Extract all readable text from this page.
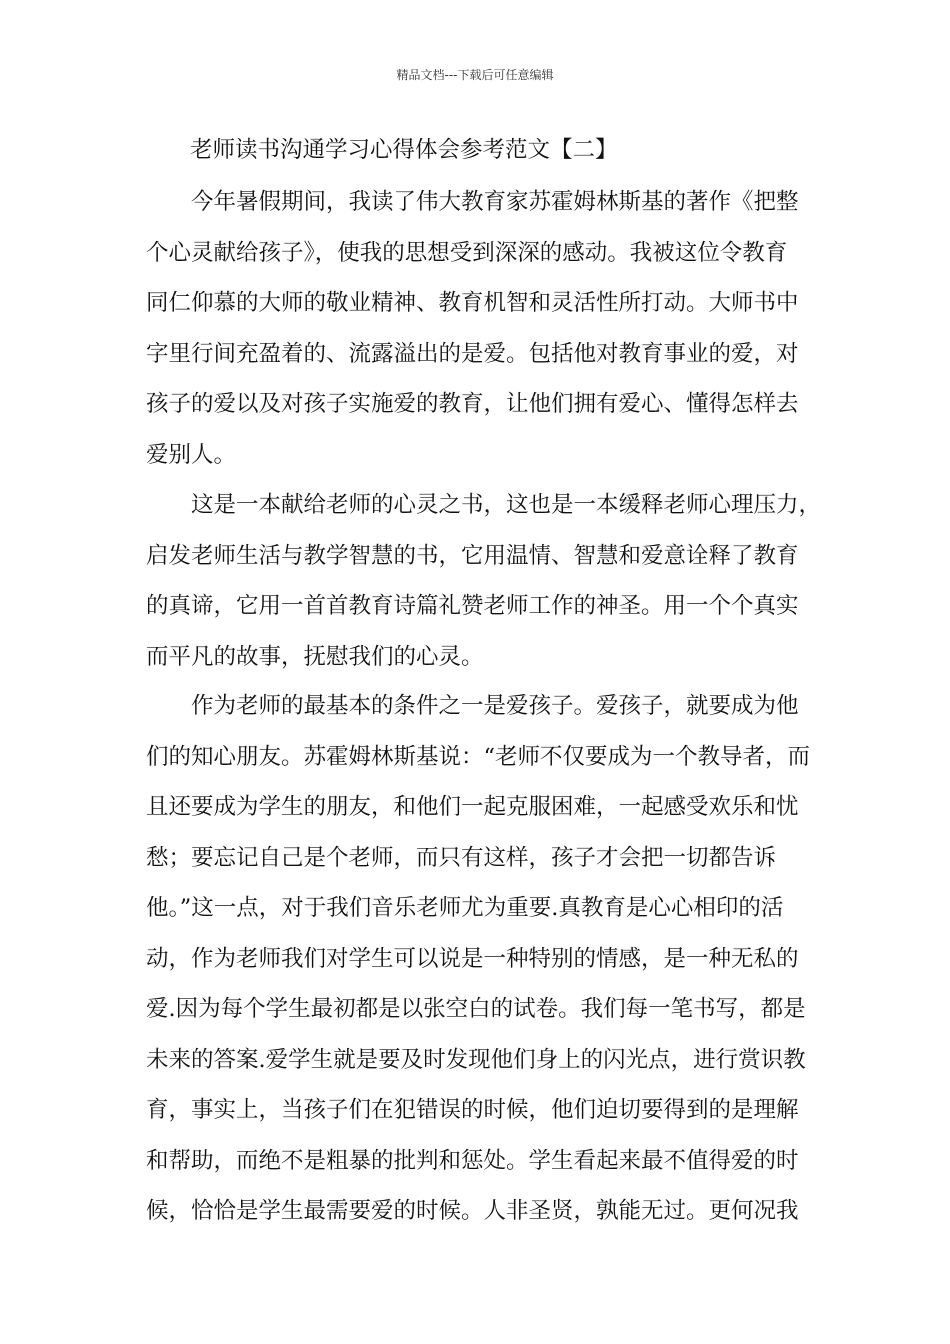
精品文档---下载后可任意编辑
老师读书沟通学习心得体会参考范文【二】
今年暑假期间，我读了伟大教育家苏霍姆林斯基的著作《把整
个心灵献给孩子》，使我的思想受到深深的感动。我被这位令教育
同仁仰慕的大师的敬业精神、教育机智和灵活性所打动。大师书中
字里行间充盈着的、流露溢出的是爱。包括他对教育事业的爱，对
孩子的爱以及对孩子实施爱的教育，让他们拥有爱心、懂得怎样去
爱别人。
这是一本献给老师的心灵之书，这也是一本缓释老师心理压力，
启发老师生活与教学智慧的书，它用温情、智慧和爱意诠释了教育
的真谛，它用一首首教育诗篇礼赞老师工作的神圣。用一个个真实
而平凡的故事，抚慰我们的心灵。
作为老师的最基本的条件之一是爱孩子。爱孩子，就要成为他
们的知心朋友。苏霍姆林斯基说：“老师不仅要成为一个教导者，而
且还要成为学生的朋友，和他们一起克服困难，一起感受欢乐和忧
愁；要忘记自己是个老师，而只有这样，孩子才会把一切都告诉
他。”这一点，对于我们音乐老师尤为重要.真教育是心心相印的活
动，作为老师我们对学生可以说是一种特别的情感，是一种无私的
爱.因为每个学生最初都是以张空白的试卷。我们每一笔书写，都是
未来的答案.爱学生就是要及时发现他们身上的闪光点，进行赏识教
育，事实上，当孩子们在犯错误的时候，他们迫切要得到的是理解
和帮助，而绝不是粗暴的批判和惩处。学生看起来最不值得爱的时
候，恰恰是学生最需要爱的时候。人非圣贤，孰能无过。更何况我
